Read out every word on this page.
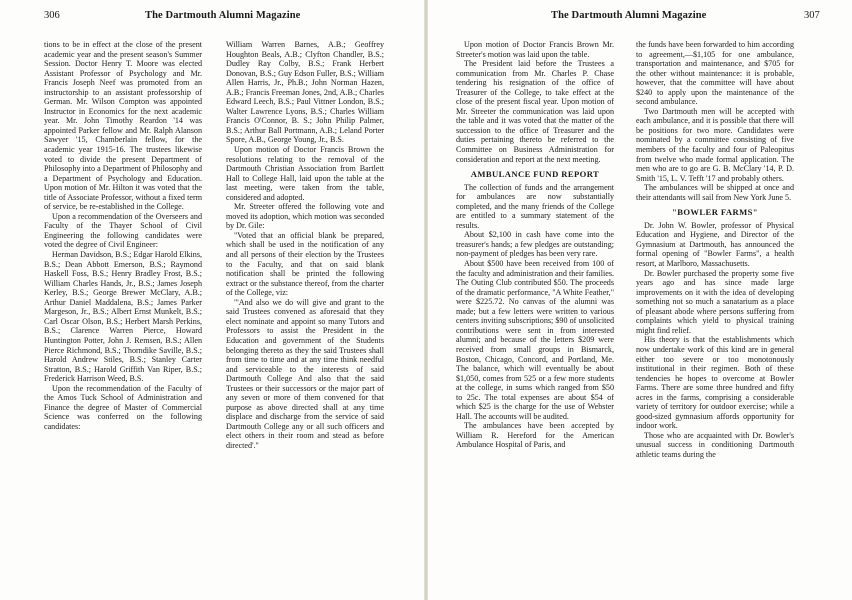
306	The Dartmouth Alumni Magazine

tions to be in effect at the close of the present academic year and the present season's Summer Session. Doctor Henry T. Moore was elected Assistant Professor of Psychology and Mr. Francis Joseph Neef was promoted from an instructorship to an assistant professorship of German. Mr. Wilson Compton was appointed Instructor in Economics for the next academic year. Mr. John Timothy Reardon '14 was appointed Parker fellow and Mr. Ralph Alanson Sawyer '15, Chamberlain fellow, for the academic year 1915-16. The trustees likewise voted to divide the present Department of Philosophy into a Department of Philosophy and a Department of Psychology and Education. Upon motion of Mr. Hilton it was voted that the title of Associate Professor, without a fixed term of service, be re-established in the College.

Upon a recommendation of the Overseers and Faculty of the Thayer School of Civil Engineering the following candidates were voted the degree of Civil Engineer:

Herman Davidson, B.S.; Edgar Harold Elkins, B.S.; Dean Abbott Emerson, B.S.; Raymond Haskell Foss, B.S.; Henry Bradley Frost, B.S.; William Charles Hands, Jr., B.S.; James Joseph Kerley, B.S.; George Brewer McClary, A.B.; Arthur Daniel Maddalena, B.S.; James Parker Margeson, Jr., B.S.; Albert Ernst Munkelt, B.S.; Carl Oscar Olson, B.S.; Herbert Marsh Perkins, B.S.; Clarence Warren Pierce, Howard Huntington Potter, John J. Remsen, B.S.; Allen Pierce Richmond, B.S.; Thorndike Saville, B.S.; Harold Andrew Stiles, B.S.; Stanley Carter Stratton, B.S.; Harold Griffith Van Riper, B.S.; Frederick Harrison Weed, B.S.

Upon the recommendation of the Faculty of the Amos Tuck School of Administration and Finance the degree of Master of Commercial Science was conferred on the following candidates:

William Warren Barnes, A.B.; Geoffrey Houghton Beals, A.B.; Clyfton Chandler, B.S.; Dudley Ray Colby, B.S.; Frank Herbert Donovan, B.S.; Guy Edson Fuller, B.S.; William Allen Harris, Jr., Ph.B.; John Norman Hazen, A.B.; Francis Freeman Jones, 2nd, A.B.; Charles Edward Leech, B.S.; Paul Vittner London, B.S.; Walter Lawrence Lyons, B.S.; Charles William Francis O'Connor, B. S.; John Philip Palmer, B.S.; Arthur Ball Portmann, A.B.; Leland Porter Spore, A.B., George Young, Jr., B.S.

Upon motion of Doctor Francis Brown the resolutions relating to the removal of the Dartmouth Christian Association from Bartlett Hall to College Hall, laid upon the table at the last meeting, were taken from the table, considered and adopted.

Mr. Streeter offered the following vote and moved its adoption, which motion was seconded by Dr. Gile:

"Voted that an official blank be prepared, which shall be used in the notification of any and all persons of their election by the Trustees to the Faculty, and that on said blank notification shall be printed the following extract or the substance thereof, from the charter of the College, viz:

"'And also we do will give and grant to the said Trustees convened as aforesaid that they elect nominate and appoint so many Tutors and Professors to assist the President in the Education and government of the Students belonging thereto as they the said Trustees shall from time to time and at any time think needful and serviceable to the interests of said Dartmouth College And also that the said Trustees or their successors or the major part of any seven or more of them convened for that purpose as above directed shall at any time displace and discharge from the service of said Dartmouth College any or all such officers and elect others in their room and stead as before directed'."

The Dartmouth Alumni Magazine	307

Upon motion of Doctor Francis Brown Mr. Streeter's motion was laid upon the table.

The President laid before the Trustees a communication from Mr. Charles P. Chase tendering his resignation of the office of Treasurer of the College, to take effect at the close of the present fiscal year. Upon motion of Mr. Streeter the communication was laid upon the table and it was voted that the matter of the succession to the office of Treasurer and the duties pertaining thereto be referred to the Committee on Business Administration for consideration and report at the next meeting.

AMBULANCE FUND REPORT

The collection of funds and the arrangement for ambulances are now substantially completed, and the many friends of the College are entitled to a summary statement of the results.

About $2,100 in cash have come into the treasurer's hands; a few pledges are outstanding; non-payment of pledges has been very rare.

About $500 have been received from 100 of the faculty and administration and their families. The Outing Club contributed $50. The proceeds of the dramatic performance, "A White Feather," were $225.72. No canvas of the alumni was made; but a few letters were written to various centers inviting subscriptions; $90 of unsolicited contributions were sent in from interested alumni; and because of the letters $209 were received from small groups in Bismarck, Boston, Chicago, Concord, and Portland, Me. The balance, which will eventually be about $1,050, comes from 525 or a few more students at the college, in sums which ranged from $50 to 25c. The total expenses are about $54 of which $25 is the charge for the use of Webster Hall. The accounts will be audited.

The ambulances have been accepted by William R. Hereford for the American Ambulance Hospital of Paris, and

the funds have been forwarded to him according to agreement,—$1,105 for one ambulance, transportation and maintenance, and $705 for the other without maintenance: it is probable, however, that the committee will have about $240 to apply upon the maintenance of the second ambulance.

Two Dartmouth men will be accepted with each ambulance, and it is possible that there will be positions for two more. Candidates were nominated by a committee consisting of five members of the faculty and four of Paleopitus from twelve who made formal application. The men who are to go are G. B. McClary '14, P. D. Smith '15, L. V. Tefft '17 and probably others.

The ambulances will be shipped at once and their attendants will sail from New York June 5.

"BOWLER FARMS"

Dr. John W. Bowler, professor of Physical Education and Hygiene, and Director of the Gymnasium at Dartmouth, has announced the formal opening of "Bowler Farms", a health resort, at Marlboro, Massachusetts.

Dr. Bowler purchased the property some five years ago and has since made large improvements on it with the idea of developing something not so much a sanatarium as a place of pleasant abode where persons suffering from complaints which yield to physical training might find relief.

His theory is that the establishments which now undertake work of this kind are in general either too severe or too monotonously institutional in their regimen. Both of these tendencies he hopes to overcome at Bowler Farms. There are some three hundred and fifty acres in the farms, comprising a considerable variety of territory for outdoor exercise; while a good-sized gymnasium affords opportunity for indoor work.

Those who are acquainted with Dr. Bowler's unusual success in conditioning Dartmouth athletic teams during the
